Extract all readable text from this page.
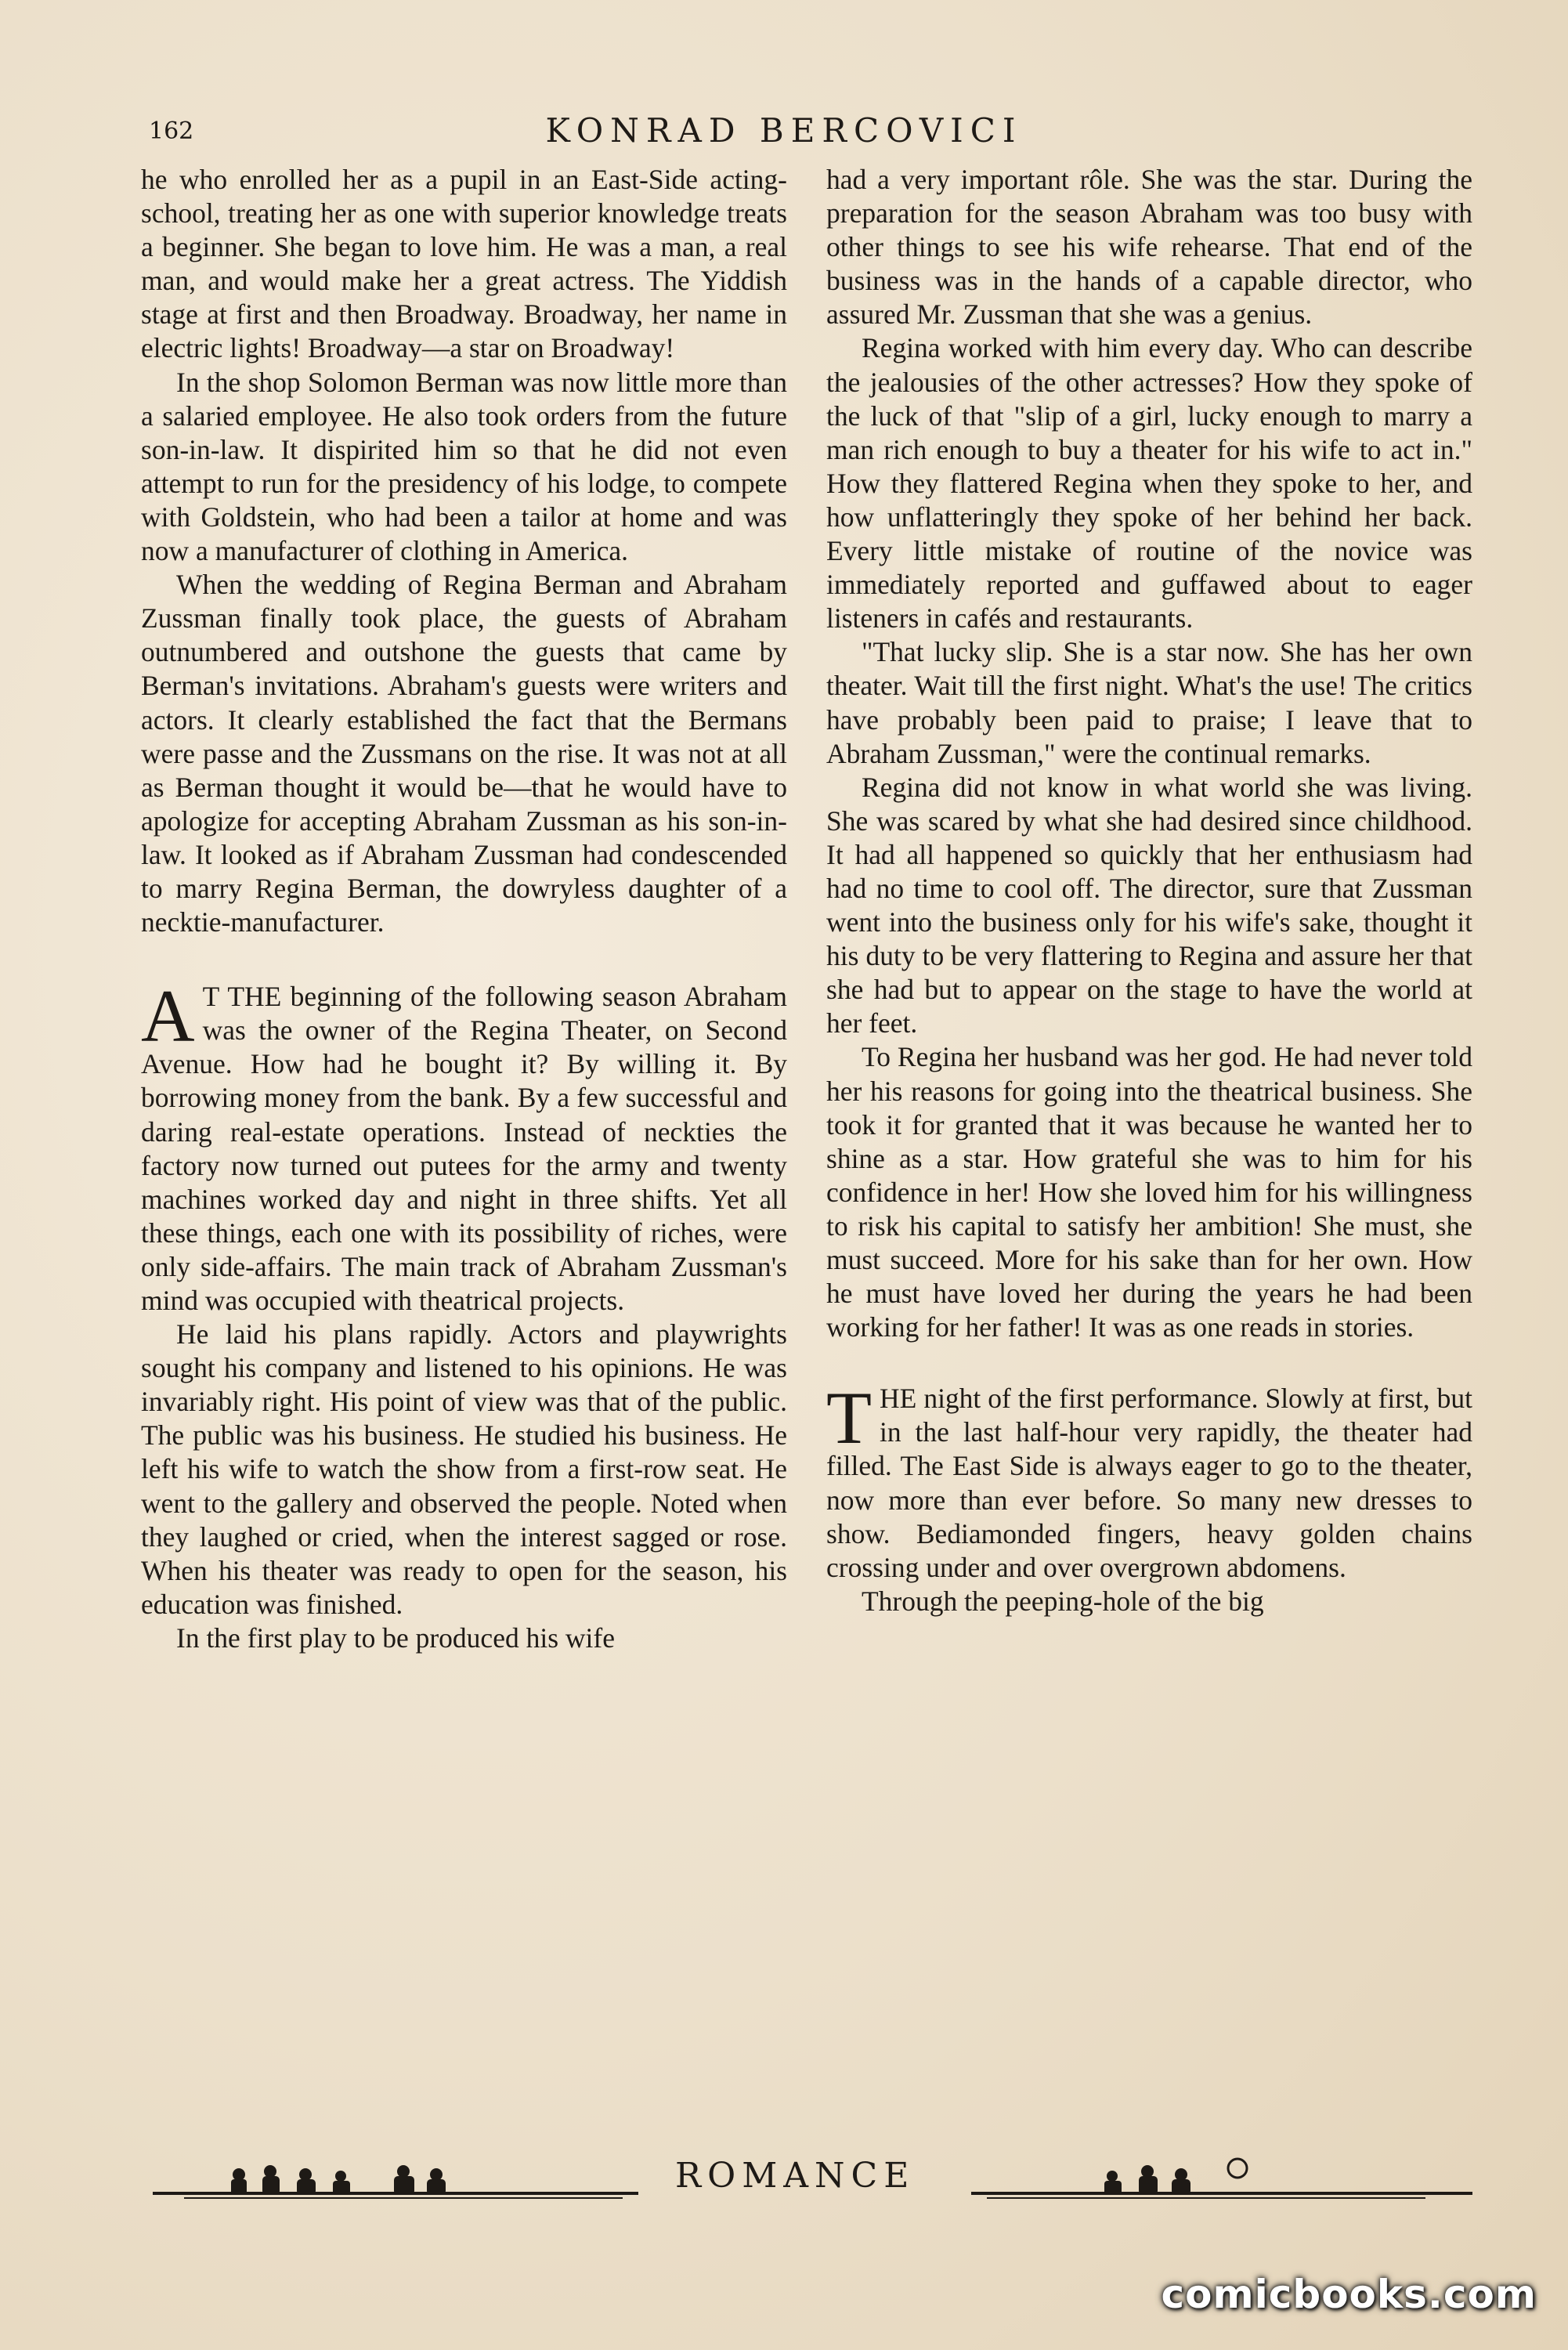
162	KONRAD BERCOVICI

he who enrolled her as a pupil in an East-Side acting-school, treating her as one with superior knowledge treats a beginner. She began to love him. He was a man, a real man, and would make her a great actress. The Yiddish stage at first and then Broadway. Broadway, her name in electric lights! Broadway—a star on Broadway!

In the shop Solomon Berman was now little more than a salaried employee. He also took orders from the future son-in-law. It dispirited him so that he did not even attempt to run for the presidency of his lodge, to compete with Goldstein, who had been a tailor at home and was now a manufacturer of clothing in America.

When the wedding of Regina Berman and Abraham Zussman finally took place, the guests of Abraham outnumbered and outshone the guests that came by Berman's invitations. Abraham's guests were writers and actors. It clearly established the fact that the Bermans were passe and the Zussmans on the rise. It was not at all as Berman thought it would be—that he would have to apologize for accepting Abraham Zussman as his son-in-law. It looked as if Abraham Zussman had condescended to marry Regina Berman, the dowryless daughter of a necktie-manufacturer.

A T THE beginning of the following season Abraham was the owner of the Regina Theater, on Second Avenue. How had he bought it? By willing it. By borrowing money from the bank. By a few successful and daring real-estate operations. Instead of neckties the factory now turned out putees for the army and twenty machines worked day and night in three shifts. Yet all these things, each one with its possibility of riches, were only side-affairs. The main track of Abraham Zussman's mind was occupied with theatrical projects.

He laid his plans rapidly. Actors and playwrights sought his company and listened to his opinions. He was invariably right. His point of view was that of the public. The public was his business. He studied his business. He left his wife to watch the show from a first-row seat. He went to the gallery and observed the people. Noted when they laughed or cried, when the interest sagged or rose. When his theater was ready to open for the season, his education was finished.

In the first play to be produced his wife

had a very important rôle. She was the star. During the preparation for the season Abraham was too busy with other things to see his wife rehearse. That end of the business was in the hands of a capable director, who assured Mr. Zussman that she was a genius.

Regina worked with him every day. Who can describe the jealousies of the other actresses? How they spoke of the luck of that "slip of a girl, lucky enough to marry a man rich enough to buy a theater for his wife to act in." How they flattered Regina when they spoke to her, and how unflatteringly they spoke of her behind her back. Every little mistake of routine of the novice was immediately reported and guffawed about to eager listeners in cafés and restaurants.

"That lucky slip. She is a star now. She has her own theater. Wait till the first night. What's the use! The critics have probably been paid to praise; I leave that to Abraham Zussman," were the continual remarks.

Regina did not know in what world she was living. She was scared by what she had desired since childhood. It had all happened so quickly that her enthusiasm had had no time to cool off. The director, sure that Zussman went into the business only for his wife's sake, thought it his duty to be very flattering to Regina and assure her that she had but to appear on the stage to have the world at her feet.

To Regina her husband was her god. He had never told her his reasons for going into the theatrical business. She took it for granted that it was because he wanted her to shine as a star. How grateful she was to him for his confidence in her! How she loved him for his willingness to risk his capital to satisfy her ambition! She must, she must succeed. More for his sake than for her own. How he must have loved her during the years he had been working for her father! It was as one reads in stories.

THE night of the first performance. Slowly at first, but in the last half-hour very rapidly, the theater had filled. The East Side is always eager to go to the theater, now more than ever before. So many new dresses to show. Bediamonded fingers, heavy golden chains crossing under and over overgrown abdomens.

Through the peeping-hole of the big

ROMANCE
comicbooks.com
